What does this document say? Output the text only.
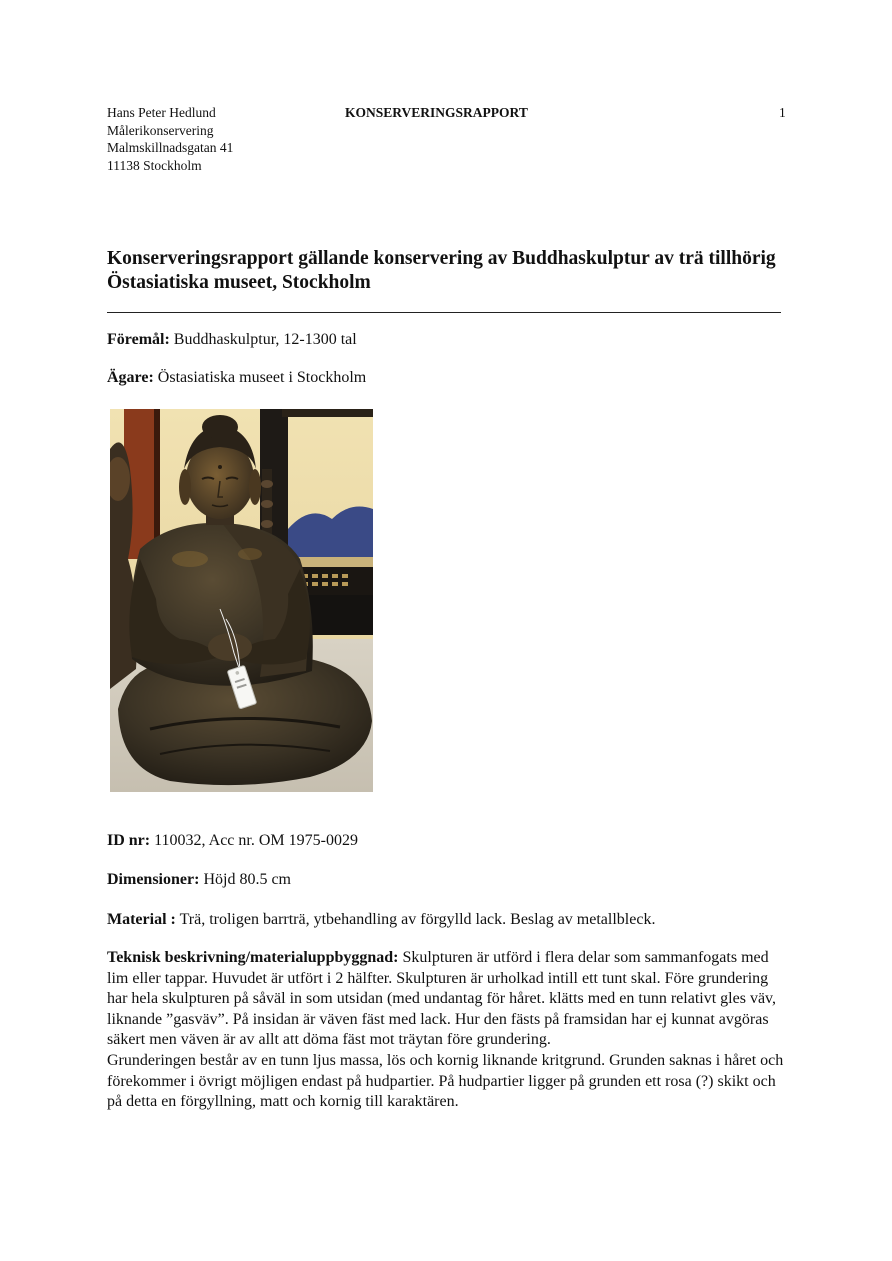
Hans Peter Hedlund
Målerikonservering
Malmskillnadsgatan 41
11138 Stockholm
KONSERVERINGSRAPPORT	1
Konserveringsrapport gällande konservering av Buddhaskulptur av trä tillhörig Östasiatiska museet, Stockholm
Föremål: Buddhaskulptur, 12-1300 tal
Ägare: Östasiatiska museet i Stockholm
ID nr: 110032, Acc nr. OM 1975-0029
Dimensioner: Höjd 80.5 cm
Material : Trä, troligen barrträ, ytbehandling av förgylld lack. Beslag av metallbleck.
Teknisk beskrivning/materialuppbyggnad: Skulpturen är utförd i flera delar som sammanfogats med lim eller tappar. Huvudet är utfört i 2 hälfter. Skulpturen är urholkad intill ett tunt skal. Före grundering har hela skulpturen på såväl in som utsidan (med undantag för håret. klätts med en tunn relativt gles väv, liknande ”gasväv”. På insidan är väven fäst med lack. Hur den fästs på framsidan har ej kunnat avgöras säkert men väven är av allt att döma fäst mot träytan före grundering.
Grunderingen består av en tunn ljus massa, lös och kornig liknande kritgrund. Grunden saknas i håret och förekommer i övrigt möjligen endast på hudpartier. På hudpartier ligger på grunden ett rosa (?) skikt och på detta en förgyllning, matt och kornig till karaktären.
